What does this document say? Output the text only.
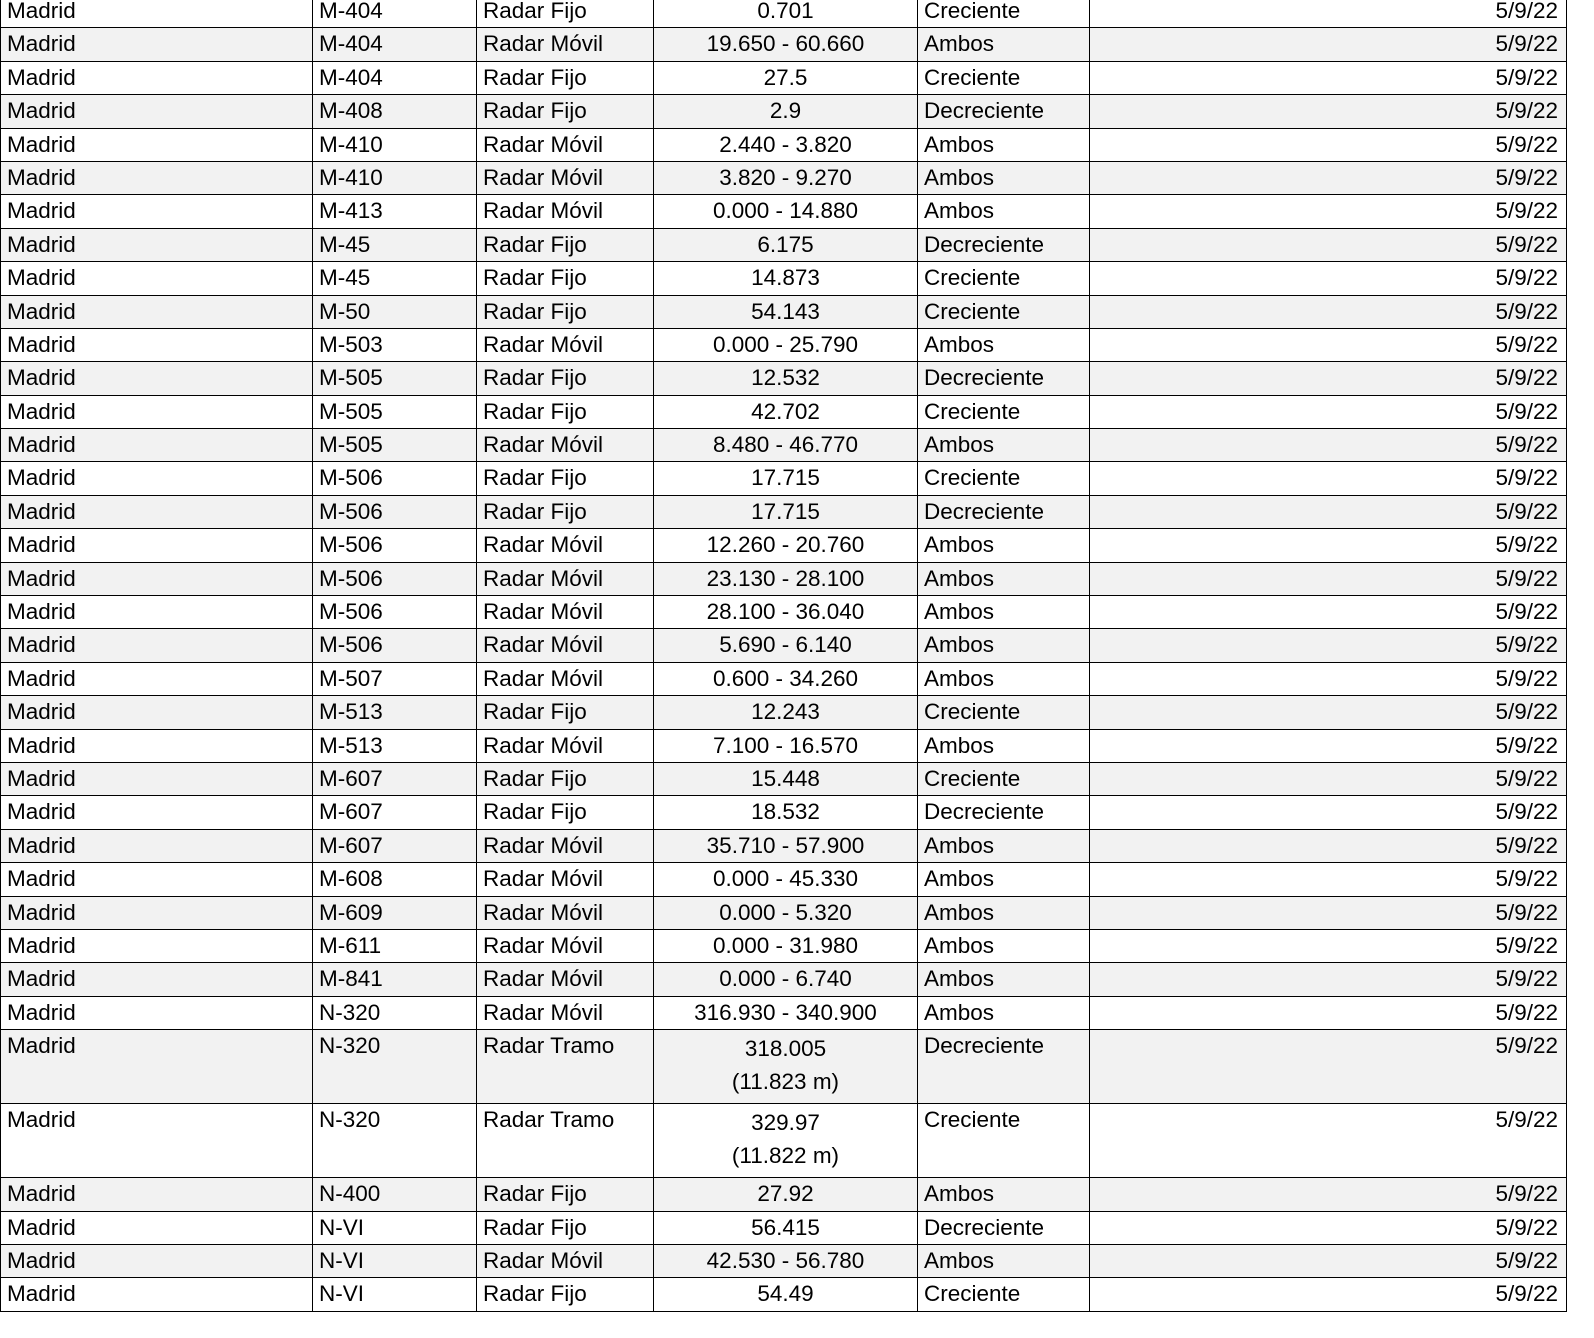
Madrid	M-404	Radar Fijo	0.701	Creciente	5/9/22
Madrid	M-404	Radar Móvil	19.650 - 60.660	Ambos	5/9/22
Madrid	M-404	Radar Fijo	27.5	Creciente	5/9/22
Madrid	M-408	Radar Fijo	2.9	Decreciente	5/9/22
Madrid	M-410	Radar Móvil	2.440 - 3.820	Ambos	5/9/22
Madrid	M-410	Radar Móvil	3.820 - 9.270	Ambos	5/9/22
Madrid	M-413	Radar Móvil	0.000 - 14.880	Ambos	5/9/22
Madrid	M-45	Radar Fijo	6.175	Decreciente	5/9/22
Madrid	M-45	Radar Fijo	14.873	Creciente	5/9/22
Madrid	M-50	Radar Fijo	54.143	Creciente	5/9/22
Madrid	M-503	Radar Móvil	0.000 - 25.790	Ambos	5/9/22
Madrid	M-505	Radar Fijo	12.532	Decreciente	5/9/22
Madrid	M-505	Radar Fijo	42.702	Creciente	5/9/22
Madrid	M-505	Radar Móvil	8.480 - 46.770	Ambos	5/9/22
Madrid	M-506	Radar Fijo	17.715	Creciente	5/9/22
Madrid	M-506	Radar Fijo	17.715	Decreciente	5/9/22
Madrid	M-506	Radar Móvil	12.260 - 20.760	Ambos	5/9/22
Madrid	M-506	Radar Móvil	23.130 - 28.100	Ambos	5/9/22
Madrid	M-506	Radar Móvil	28.100 - 36.040	Ambos	5/9/22
Madrid	M-506	Radar Móvil	5.690 - 6.140	Ambos	5/9/22
Madrid	M-507	Radar Móvil	0.600 - 34.260	Ambos	5/9/22
Madrid	M-513	Radar Fijo	12.243	Creciente	5/9/22
Madrid	M-513	Radar Móvil	7.100 - 16.570	Ambos	5/9/22
Madrid	M-607	Radar Fijo	15.448	Creciente	5/9/22
Madrid	M-607	Radar Fijo	18.532	Decreciente	5/9/22
Madrid	M-607	Radar Móvil	35.710 - 57.900	Ambos	5/9/22
Madrid	M-608	Radar Móvil	0.000 - 45.330	Ambos	5/9/22
Madrid	M-609	Radar Móvil	0.000 - 5.320	Ambos	5/9/22
Madrid	M-611	Radar Móvil	0.000 - 31.980	Ambos	5/9/22
Madrid	M-841	Radar Móvil	0.000 - 6.740	Ambos	5/9/22
Madrid	N-320	Radar Móvil	316.930 - 340.900	Ambos	5/9/22
Madrid	N-320	Radar Tramo	318.005
(11.823 m)	Decreciente	5/9/22
Madrid	N-320	Radar Tramo	329.97
(11.822 m)	Creciente	5/9/22
Madrid	N-400	Radar Fijo	27.92	Ambos	5/9/22
Madrid	N-VI	Radar Fijo	56.415	Decreciente	5/9/22
Madrid	N-VI	Radar Móvil	42.530 - 56.780	Ambos	5/9/22
Madrid	N-VI	Radar Fijo	54.49	Creciente	5/9/22
